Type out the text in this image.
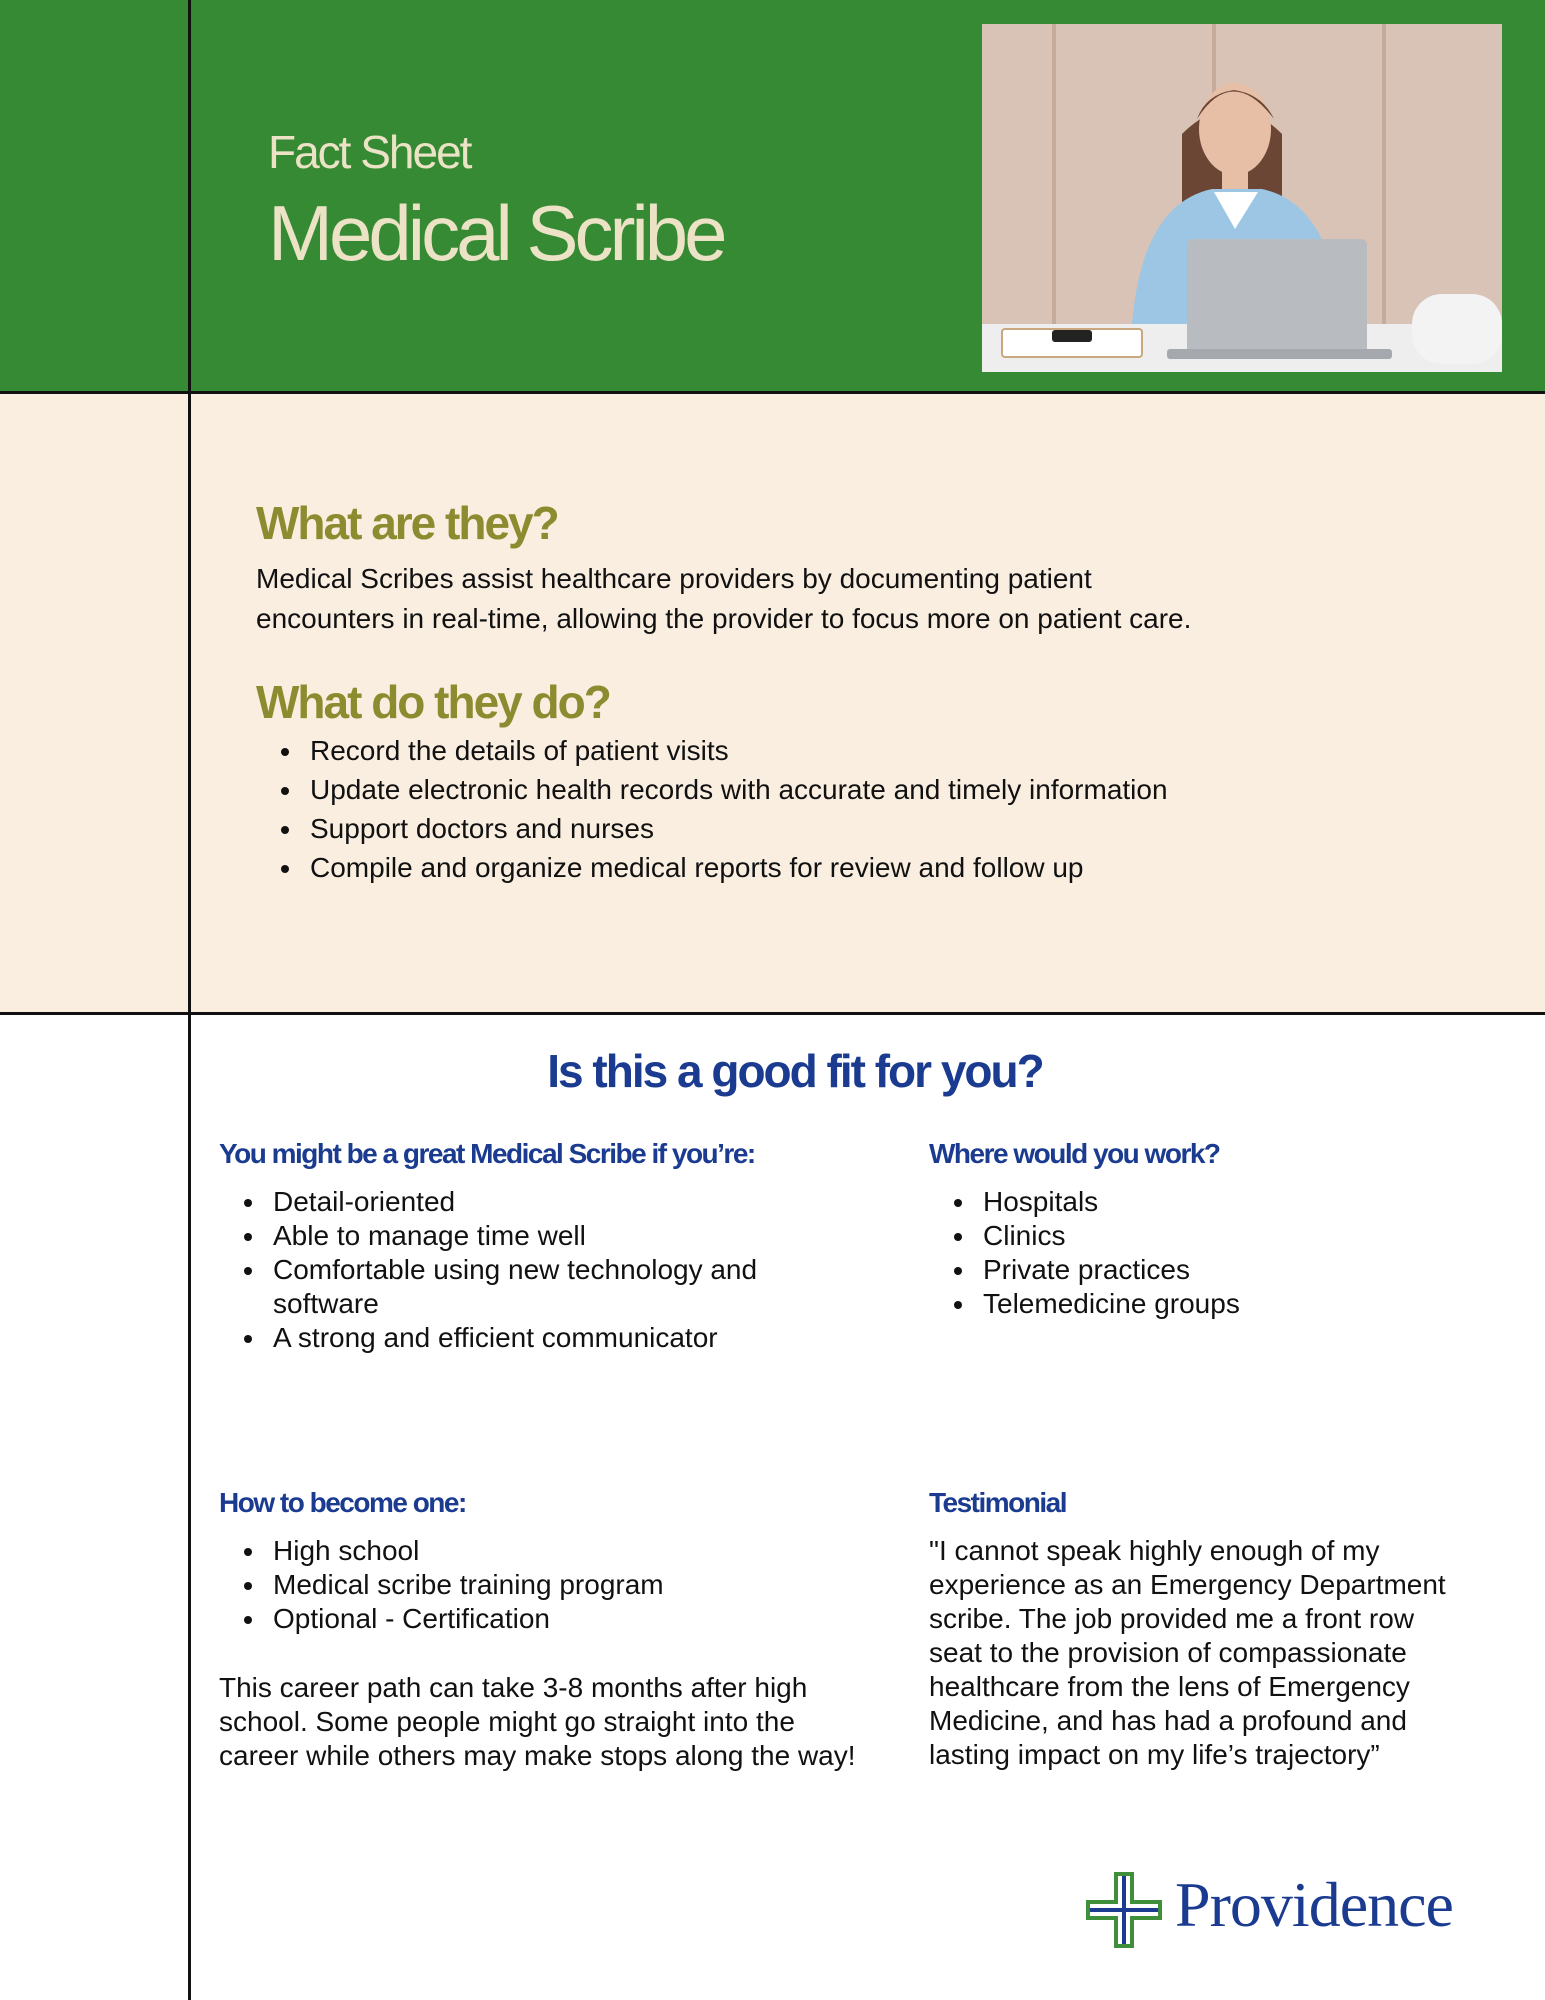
Fact Sheet
Medical Scribe
What are they?
Medical Scribes assist healthcare providers by documenting patient
encounters in real-time, allowing the provider to focus more on patient care.
What do they do?
• Record the details of patient visits
• Update electronic health records with accurate and timely information
• Support doctors and nurses
• Compile and organize medical reports for review and follow up
Is this a good fit for you?
You might be a great Medical Scribe if you’re:
• Detail-oriented
• Able to manage time well
• Comfortable using new technology and software
• A strong and efficient communicator
Where would you work?
• Hospitals
• Clinics
• Private practices
• Telemedicine groups
How to become one:
• High school
• Medical scribe training program
• Optional - Certification
This career path can take 3-8 months after high school. Some people might go straight into the career while others may make stops along the way!
Testimonial
"I cannot speak highly enough of my experience as an Emergency Department scribe. The job provided me a front row seat to the provision of compassionate healthcare from the lens of Emergency Medicine, and has had a profound and lasting impact on my life’s trajectory”
Providence
